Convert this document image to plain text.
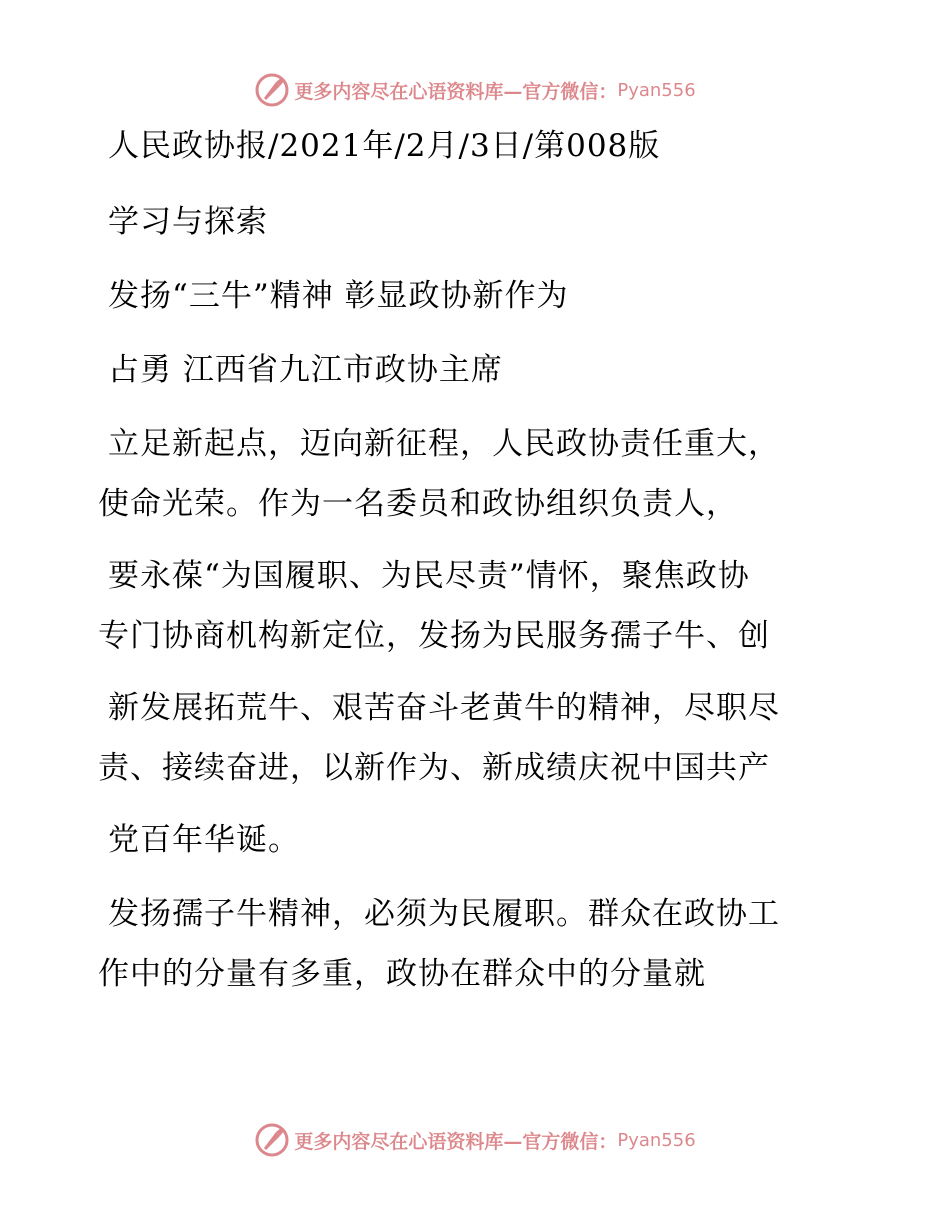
更多内容尽在心语资料库—官方微信： Pyan556
人民政协报/2021年/2月/3日/第008版
学习与探索
发扬“三牛”精神 彰显政协新作为
占勇 江西省九江市政协主席
立足新起点，迈向新征程，人民政协责任重大，
使命光荣。作为一名委员和政协组织负责人，
要永葆“为国履职、为民尽责”情怀，聚焦政协
专门协商机构新定位，发扬为民服务孺子牛、创
新发展拓荒牛、艰苦奋斗老黄牛的精神，尽职尽
责、接续奋进，以新作为、新成绩庆祝中国共产
党百年华诞。
发扬孺子牛精神，必须为民履职。群众在政协工
作中的分量有多重，政协在群众中的分量就
更多内容尽在心语资料库—官方微信： Pyan556
